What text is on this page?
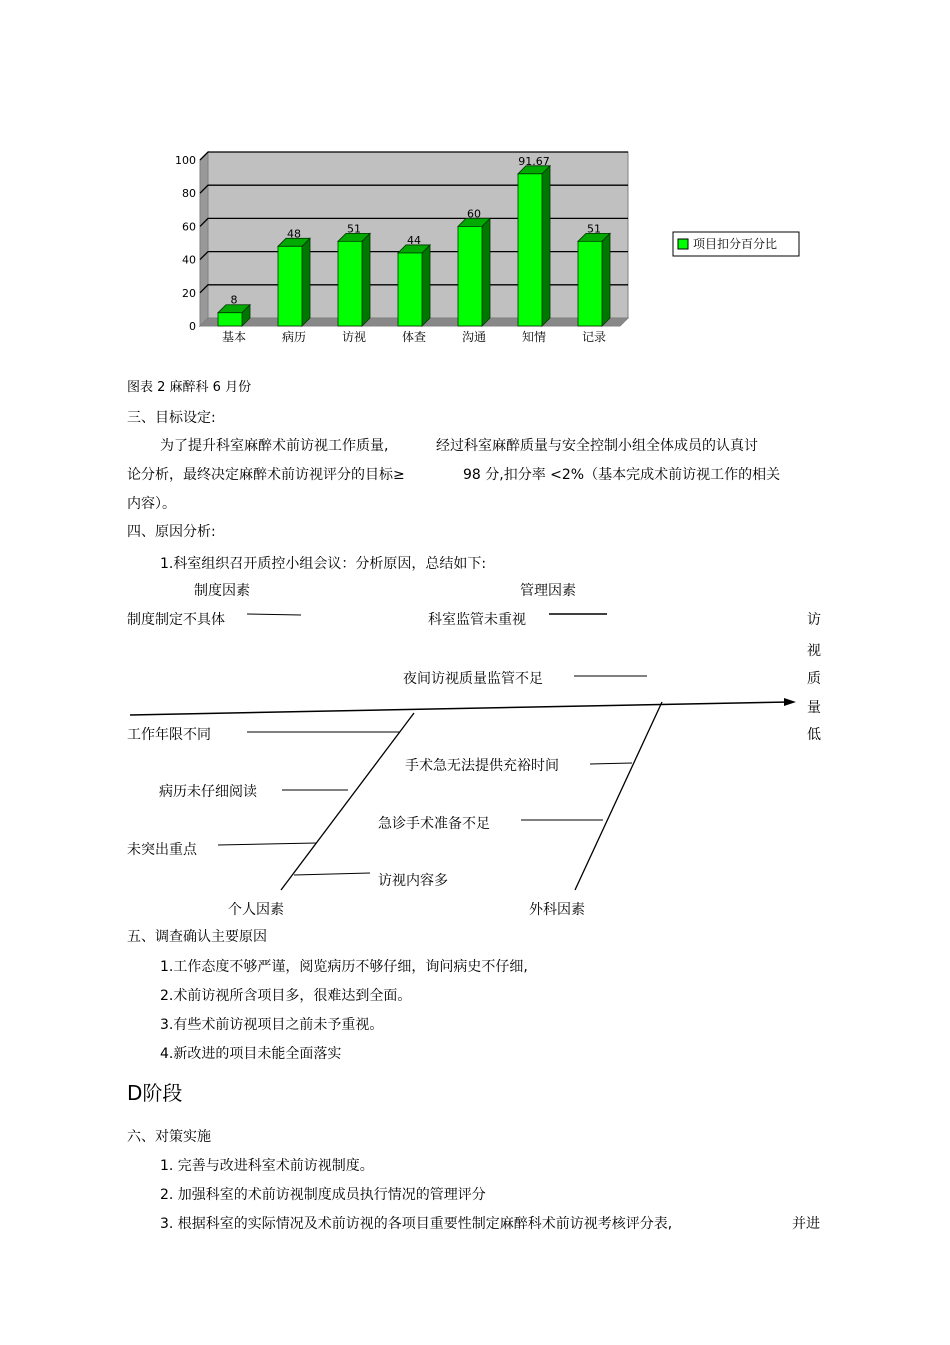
0
20
40
60
80
100
8
48	51
44
60
91.67
51
基本	病历	访视	体查	沟通	知情	记录
项目扣分百分比
图表 2 麻醉科 6 月份
三、目标设定:
为了提升科室麻醉术前访视工作质量,	经过科室麻醉质量与安全控制小组全体成员的认真讨
论分析，最终决定麻醉术前访视评分的目标≥	98 分,扣分率 <2%（基本完成术前访视工作的相关
内容）。
四、原因分析:
1.科室组织召开质控小组会议：分析原因，总结如下:
制度因素	管理因素
制度制定不具体	科室监管未重视
夜间访视质量监管不足
工作年限不同
手术急无法提供充裕时间
病历未仔细阅读
急诊手术准备不足
未突出重点
访视内容多
个人因素	外科因素
访
视
质
量
低
五、调查确认主要原因
1.工作态度不够严谨，阅览病历不够仔细，询问病史不仔细,
2.术前访视所含项目多，很难达到全面。
3.有些术前访视项目之前未予重视。
4.新改进的项目未能全面落实
D阶段
六、对策实施
1. 完善与改进科室术前访视制度。
2. 加强科室的术前访视制度成员执行情况的管理评分
3. 根据科室的实际情况及术前访视的各项目重要性制定麻醉科术前访视考核评分表,	并进
